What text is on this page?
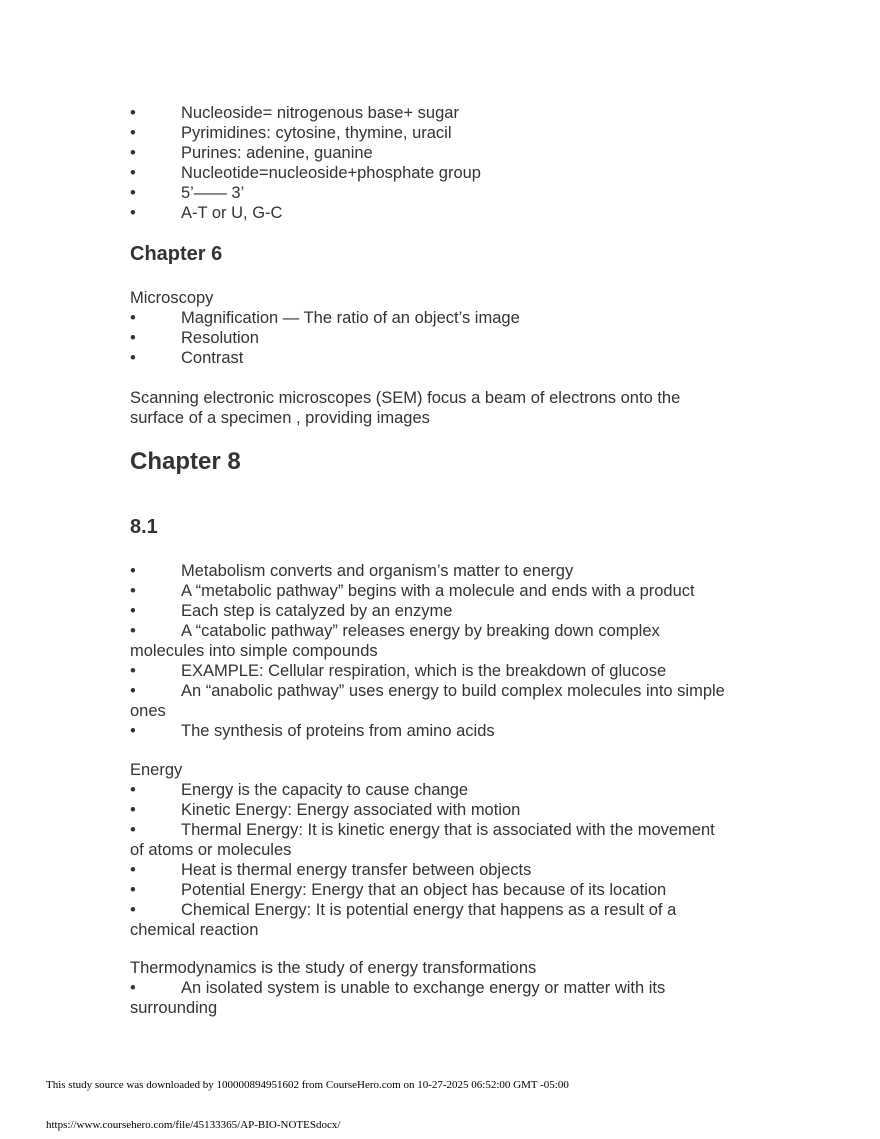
•	Nucleoside= nitrogenous base+ sugar
•	Pyrimidines: cytosine, thymine, uracil
•	Purines: adenine, guanine
•	Nucleotide=nucleoside+phosphate group
•	5’—— 3’
•	A-T or U, G-C
Chapter 6
Microscopy
•	Magnification — The ratio of an object’s image
•	Resolution
•	Contrast
Scanning electronic microscopes (SEM) focus a beam of electrons onto the
surface of a specimen , providing images
Chapter 8
8.1
•	Metabolism converts and organism’s matter to energy
•	A “metabolic pathway” begins with a molecule and ends with a product
•	Each step is catalyzed by an enzyme
•	A “catabolic pathway” releases energy by breaking down complex
molecules into simple compounds
•	EXAMPLE: Cellular respiration, which is the breakdown of glucose
•	An “anabolic pathway” uses energy to build complex molecules into simple
ones
•	The synthesis of proteins from amino acids
Energy
•	Energy is the capacity to cause change
•	Kinetic Energy: Energy associated with motion
•	Thermal Energy: It is kinetic energy that is associated with the movement
of atoms or molecules
•	Heat is thermal energy transfer between objects
•	Potential Energy: Energy that an object has because of its location
•	Chemical Energy: It is potential energy that happens as a result of a
chemical reaction
Thermodynamics is the study of energy transformations
•	An isolated system is unable to exchange energy or matter with its
surrounding
This study source was downloaded by 100000894951602 from CourseHero.com on 10-27-2025 06:52:00 GMT -05:00
https://www.coursehero.com/file/45133365/AP-BIO-NOTESdocx/
